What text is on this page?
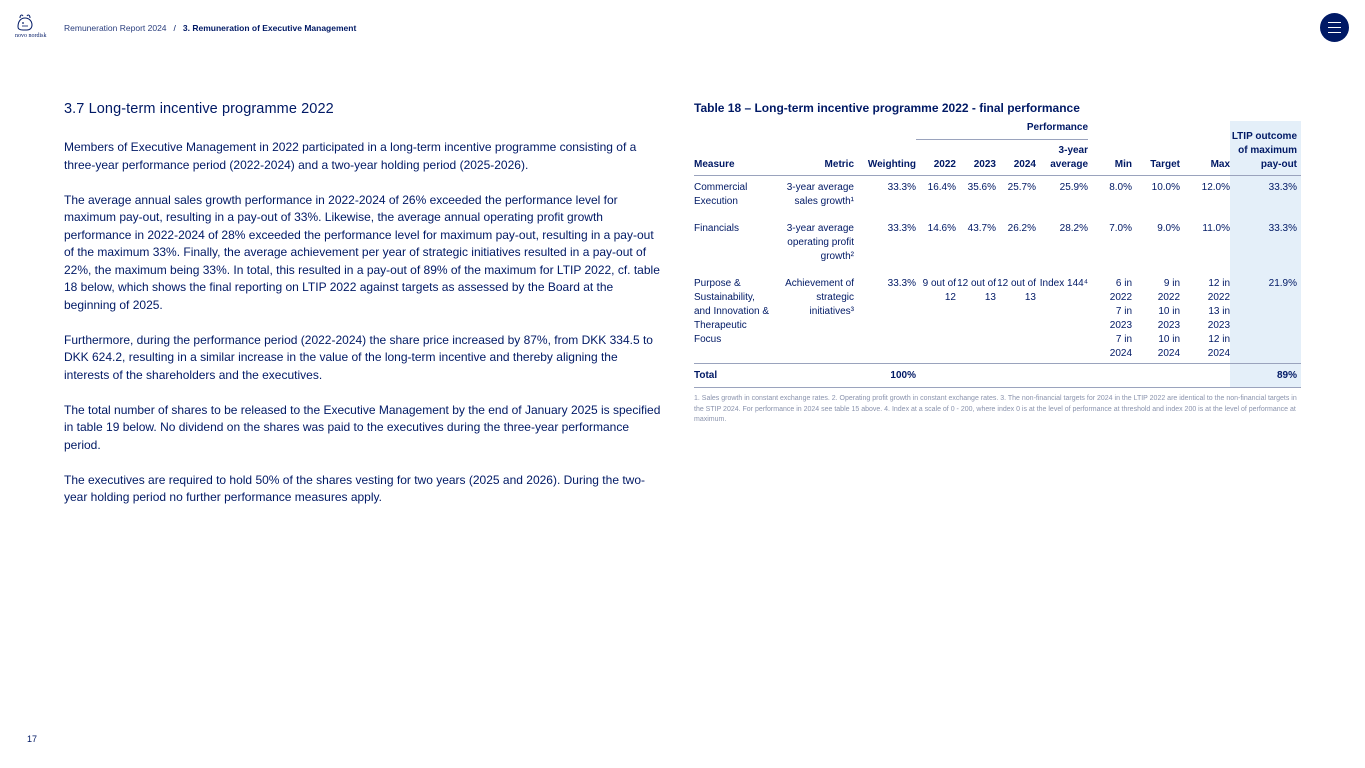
novo nordisk
Remuneration Report 2024 / 3. Remuneration of Executive Management
3.7 Long-term incentive programme 2022

Members of Executive Management in 2022 participated in a long-term incentive programme consisting of a three-year performance period (2022-2024) and a two-year holding period (2025-2026).

The average annual sales growth performance in 2022-2024 of 26% exceeded the performance level for maximum pay-out, resulting in a pay-out of 33%. Likewise, the average annual operating profit growth performance in 2022-2024 of 28% exceeded the performance level for maximum pay-out, resulting in a pay-out of the maximum 33%. Finally, the average achievement per year of strategic initiatives resulted in a pay-out of 22%, the maximum being 33%. In total, this resulted in a pay-out of 89% of the maximum for LTIP 2022, cf. table 18 below, which shows the final reporting on LTIP 2022 against targets as assessed by the Board at the beginning of 2025.

Furthermore, during the performance period (2022-2024) the share price increased by 87%, from DKK 334.5 to DKK 624.2, resulting in a similar increase in the value of the long-term incentive and thereby aligning the interests of the shareholders and the executives.

The total number of shares to be released to the Executive Management by the end of January 2025 is specified in table 19 below. No dividend on the shares was paid to the executives during the three-year performance period.

The executives are required to hold 50% of the shares vesting for two years (2025 and 2026). During the two-year holding period no further performance measures apply.

Table 18 – Long-term incentive programme 2022 - final performance
			Performance							LTIP outcome of maximum pay-out
Measure	Metric	Weighting	2022	2023	2024	3-year average	Min	Target	Max	
Commercial Execution	3-year average sales growth¹	33.3%	16.4%	35.6%	25.7%	25.9%	8.0%	10.0%	12.0%	33.3%
Financials	3-year average operating profit growth²	33.3%	14.6%	43.7%	26.2%	28.2%	7.0%	9.0%	11.0%	33.3%
Purpose & Sustainability, and Innovation & Therapeutic Focus	Achievement of strategic initiatives³	33.3%	9 out of 12	12 out of 13	12 out of 13	Index 144⁴	6 in 2022 7 in 2023 7 in 2024	9 in 2022 10 in 2023 10 in 2024	12 in 2022 13 in 2023 12 in 2024	21.9%
Total		100%								89%
1. Sales growth in constant exchange rates. 2. Operating profit growth in constant exchange rates. 3. The non-financial targets for 2024 in the LTIP 2022 are identical to the non-financial targets in the STIP 2024. For performance in 2024 see table 15 above. 4. Index at a scale of 0 - 200, where index 0 is at the level of performance at threshold and index 200 is at the level of performance at maximum.
17
